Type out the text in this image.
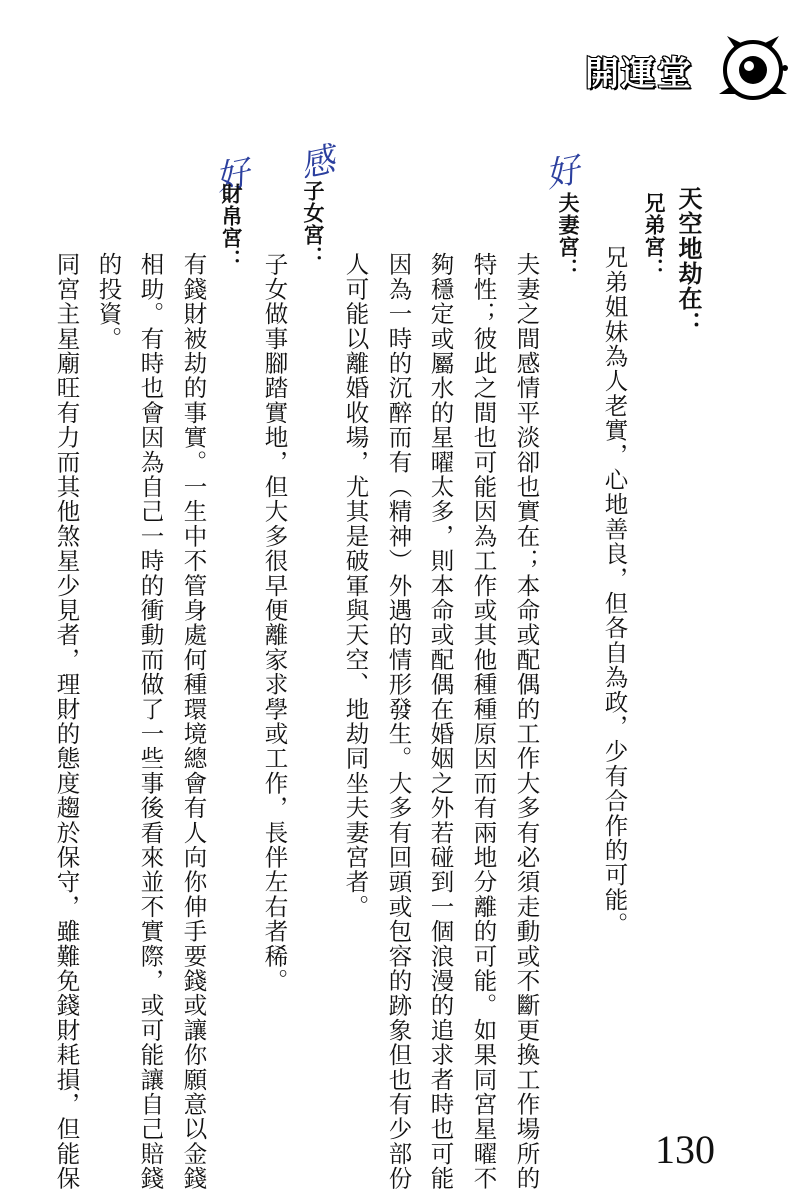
開運堂
好
感
好
天空地劫在：
兄弟宮：
兄弟姐妹為人老實，心地善良，但各自為政，少有合作的可能。
夫妻宮：
夫妻之間感情平淡卻也實在；本命或配偶的工作大多有必須走動或不斷更換工作場所的
特性；彼此之間也可能因為工作或其他種種原因而有兩地分離的可能。如果同宮星曜不
夠穩定或屬水的星曜太多，則本命或配偶在婚姻之外若碰到一個浪漫的追求者時也可能
因為一時的沉醉而有（精神）外遇的情形發生。大多有回頭或包容的跡象但也有少部份
人可能以離婚收場，尤其是破軍與天空、地劫同坐夫妻宮者。
子女宮：
子女做事腳踏實地，但大多很早便離家求學或工作，長伴左右者稀。
財帛宮：
有錢財被劫的事實。一生中不管身處何種環境總會有人向你伸手要錢或讓你願意以金錢
相助。有時也會因為自己一時的衝動而做了一些事後看來並不實際，或可能讓自己賠錢
的投資。
同宮主星廟旺有力而其他煞星少見者，理財的態度趨於保守，雖難免錢財耗損，但能保	130
